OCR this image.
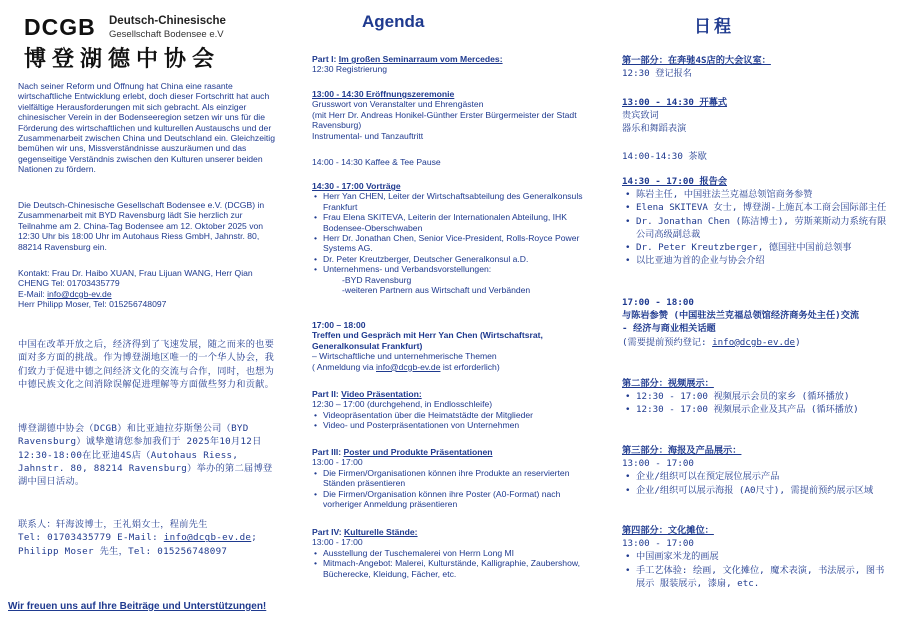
DCGB Deutsch-Chinesische
Gesellschaft Bodensee e.V
博登湖德中协会
Nach seiner Reform und Öffnung hat China eine rasante wirtschaftliche Entwicklung erlebt, doch dieser Fortschritt hat auch vielfältige Herausforderungen mit sich gebracht. Als einziger chinesischer Verein in der Bodenseeregion setzen wir uns für die Förderung des wirtschaftlichen und kulturellen Austauschs und der Zusammenarbeit zwischen China und Deutschland ein. Gleichzeitig bemühen wir uns, Missverständnisse auszuräumen und das gegenseitige Verständnis zwischen den Kulturen unserer beiden Nationen zu fördern.
Die Deutsch-Chinesische Gesellschaft Bodensee e.V. (DCGB) in Zusammenarbeit mit BYD Ravensburg lädt Sie herzlich zur Teilnahme am 2. China-Tag Bodensee am 12. Oktober 2025 von 12:30 Uhr bis 18:00 Uhr im Autohaus Riess GmbH, Jahnstr. 80, 88214 Ravensburg ein.
Kontakt: Frau Dr. Haibo XUAN, Frau Lijuan WANG, Herr Qian CHENG Tel: 01703435779
E-Mail: info@dcgb-ev.de
Herr Philipp Moser, Tel: 015256748097
中国在改革开放之后，经济得到了飞速发展，随之而来的也要面对多方面的挑战。作为博登湖地区唯一的一个华人协会，我们致力于促进中德之间经济文化的交流与合作，同时，也想为中德民族文化之间消除误解促进理解等方面做些努力和贡献。
博登湖德中协会（DCGB）和比亚迪拉芬斯堡公司（BYD Ravensburg）诚挚邀请您参加我们于 2025年10月12日 12:30-18:00在比亚迪4S店（Autohaus Riess, Jahnstr. 80, 88214 Ravensburg）举办的第二届博登湖中国日活动。
联系人：轩海波博士，王礼娟女士，程前先生
Tel: 01703435779 E-Mail: info@dcgb-ev.de;
Philipp Moser 先生，Tel: 015256748097
Wir freuen uns auf Ihre Beiträge und Unterstützungen!
Agenda
Part I: Im großen Seminarraum vom Mercedes:
12:30 Registrierung
13:00 - 14:30 Eröffnungszeremonie
Grusswort von Veranstalter und Ehrengästen
(mit Herr Dr. Andreas Honikel-Günther Erster Bürgermeister der Stadt Ravensburg)
Instrumental- und Tanzauftritt
14:00 - 14:30 Kaffee & Tee Pause
14:30 - 17:00 Vorträge
• Herr Yan CHEN, Leiter der Wirtschaftsabteilung des Generalkonsuls Frankfurt
• Frau Elena SKITEVA, Leiterin der Internationalen Abteilung, IHK Bodensee-Oberschwaben
• Herr Dr. Jonathan Chen, Senior Vice-President, Rolls-Royce Power Systems AG.
• Dr. Peter Kreutzberger, Deutscher Generalkonsul a.D.
• Unternehmens- und Verbandsvorstellungen:
-BYD Ravensburg
-weiteren Partnern aus Wirtschaft und Verbänden
17:00 – 18:00
Treffen und Gespräch mit Herr Yan Chen (Wirtschaftsrat, Generalkonsulat Frankfurt)
– Wirtschaftliche und unternehmerische Themen
( Anmeldung via info@dcgb-ev.de ist erforderlich)
Part II: Video Präsentation:
12:30 – 17:00 (durchgehend, in Endlosschleife)
• Videopräsentation über die Heimatstädte der Mitglieder
• Video- und Posterpräsentationen von Unternehmen
Part III: Poster und Produkte Präsentationen
13:00 - 17:00
• Die Firmen/Organisationen können ihre Produkte an reservierten Ständen präsentieren
• Die Firmen/Organisation können ihre Poster (A0-Format) nach vorheriger Anmeldung präsentieren
Part IV: Kulturelle Stände:
13:00 - 17:00
• Ausstellung der Tuschemalerei von Herrn Long MI
• Mitmach-Angebot: Malerei, Kulturstände, Kalligraphie, Zaubershow, Bücherecke, Kleidung, Fächer, etc.
日程
第一部分：在奔驰4S店的大会议室：
12:30 登记报名
13:00 - 14:30 开幕式
贵宾致词
器乐和舞蹈表演
14:00-14:30 茶歇
14:30 - 17:00 报告会
• 陈岩主任, 中国驻法兰克福总领馆商务参赞
• Elena SKITEVA 女士, 博登湖-上施瓦本工商会国际部主任
• Dr. Jonathan Chen (陈洁博士), 劳斯莱斯动力系统有限公司高级副总裁
• Dr. Peter Kreutzberger, 德国驻中国前总领事
• 以比亚迪为首的企业与协会介绍
17:00 - 18:00
与陈岩参赞 (中国驻法兰克福总领馆经济商务处主任)交流
- 经济与商业相关话题
(需要提前预约登记: info@dcgb-ev.de)
第二部分：视频展示：
• 12:30 - 17:00 视频展示会员的家乡 (循环播放)
• 12:30 - 17:00 视频展示企业及其产品 (循环播放)
第三部分：海报及产品展示：
13:00 - 17:00
• 企业/组织可以在预定展位展示产品
• 企业/组织可以展示海报 (A0尺寸), 需提前预约展示区域
第四部分：文化摊位：
13:00 - 17:00
• 中国画家米龙的画展
• 手工艺体验: 绘画, 文化摊位, 魔术表演, 书法展示, 图书展示 服装展示, 漆扇, etc.
